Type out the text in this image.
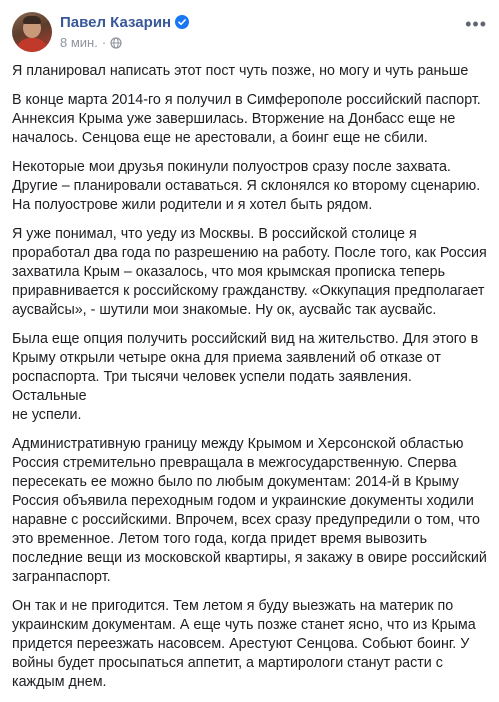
Павел Казарин
8 мин. ·
•••

Я планировал написать этот пост чуть позже, но могу и чуть раньше

В конце марта 2014-го я получил в Симферополе российский паспорт.
Аннексия Крыма уже завершилась. Вторжение на Донбасс еще не
началось. Сенцова еще не арестовали, а боинг еще не сбили.

Некоторые мои друзья покинули полуостров сразу после захвата.
Другие – планировали оставаться. Я склонялся ко второму сценарию.
На полуострове жили родители и я хотел быть рядом.

Я уже понимал, что уеду из Москвы. В российской столице я
проработал два года по разрешению на работу. После того, как Россия
захватила Крым – оказалось, что моя крымская прописка теперь
приравнивается к российскому гражданству. «Оккупация предполагает
аусвайсы», - шутили мои знакомые. Ну ок, аусвайс так аусвайс.

Была еще опция получить российский вид на жительство. Для этого в
Крыму открыли четыре окна для приема заявлений об отказе от
роспаспорта. Три тысячи человек успели подать заявления. Остальные
не успели.

Административную границу между Крымом и Херсонской областью
Россия стремительно превращала в межгосударственную. Сперва
пересекать ее можно было по любым документам: 2014-й в Крыму
Россия объявила переходным годом и украинские документы ходили
наравне с российскими. Впрочем, всех сразу предупредили о том, что
это временное. Летом того года, когда придет время вывозить
последние вещи из московской квартиры, я закажу в овире российский
загранпаспорт.

Он так и не пригодится. Тем летом я буду выезжать на материк по
украинским документам. А еще чуть позже станет ясно, что из Крыма
придется переезжать насовсем. Арестуют Сенцова. Собьют боинг. У
войны будет просыпаться аппетит, а мартирологи станут расти с
каждым днем.
